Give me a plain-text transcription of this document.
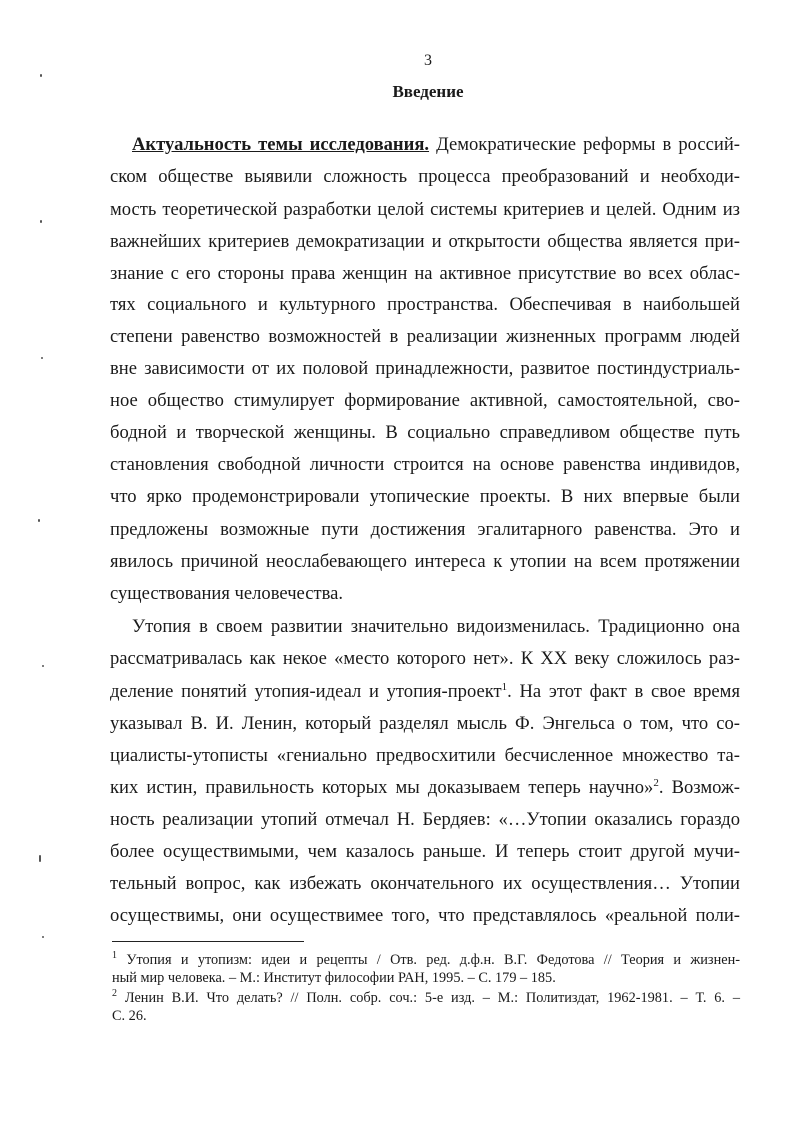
3
Введение
Актуальность темы исследования. Демократические реформы в россий-
ском обществе выявили сложность процесса преобразований и необходи-
мость теоретической разработки целой системы критериев и целей. Одним из
важнейших критериев демократизации и открытости общества является при-
знание с его стороны права женщин на активное присутствие во всех облас-
тях социального и культурного пространства. Обеспечивая в наибольшей
степени равенство возможностей в реализации жизненных программ людей
вне зависимости от их половой принадлежности, развитое постиндустриаль-
ное общество стимулирует формирование активной, самостоятельной, сво-
бодной и творческой женщины. В социально справедливом обществе путь
становления свободной личности строится на основе равенства индивидов,
что ярко продемонстрировали утопические проекты. В них впервые были
предложены возможные пути достижения эгалитарного равенства. Это и
явилось причиной неослабевающего интереса к утопии на всем протяжении
существования человечества.
Утопия в своем развитии значительно видоизменилась. Традиционно она
рассматривалась как некое «место которого нет». К XX веку сложилось раз-
деление понятий утопия-идеал и утопия-проект$^1$. На этот факт в свое время
указывал В. И. Ленин, который разделял мысль Ф. Энгельса о том, что со-
циалисты-утописты «гениально предвосхитили бесчисленное множество та-
ких истин, правильность которых мы доказываем теперь научно»$^2$. Возмож-
ность реализации утопий отмечал Н. Бердяев: «…Утопии оказались гораздо
более осуществимыми, чем казалось раньше. И теперь стоит другой мучи-
тельный вопрос, как избежать окончательного их осуществления… Утопии
осуществимы, они осуществимее того, что представлялось «реальной поли-
$^1$ Утопия и утопизм: идеи и рецепты / Отв. ред. д.ф.н. В.Г. Федотова // Теория и жизнен-
ный мир человека. – М.: Институт философии РАН, 1995. – С. 179 – 185.
$^2$ Ленин В.И. Что делать? // Полн. собр. соч.: 5-е изд. – М.: Политиздат, 1962-1981. – Т. 6. –
С. 26.
